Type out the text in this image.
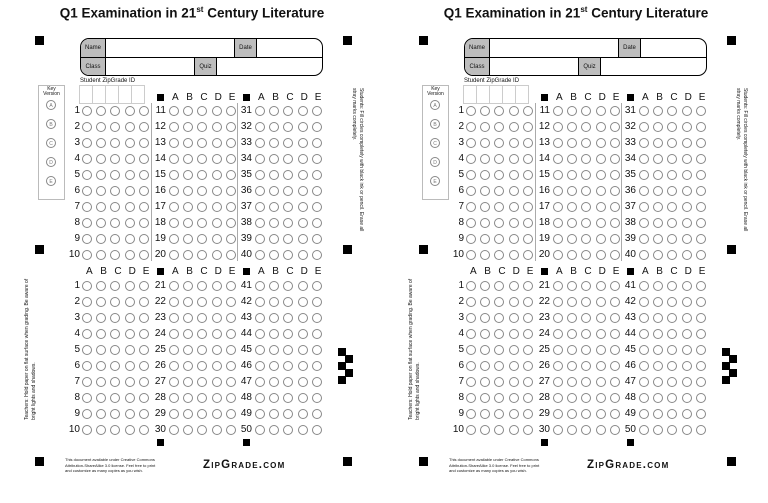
Q1 Examination in 21st Century Literature
Name	Date
Class	Quiz
Student ZipGrade ID
Key
Version
A
B
C
D
E
1
2
3
4
5
6
7
8
9
10
A B C D E
11
12
13
14
15
16
17
18
19
20
A B C D E
31
32
33
34
35
36
37
38
39
40
A B C D E
1
2
3
4
5
6
7
8
9
10
A B C D E
21
22
23
24
25
26
27
28
29
30
A B C D E
41
42
43
44
45
46
47
48
49
50
Students: Fill circles completely with black ink or pencil. Erase all stray marks completely.
Teachers: Hold paper on flat surface when grading. Be aware of bright lights and shadows.
This document available under Creative Commons Attribution-ShareAlike 3.0 license. Feel free to print and customize as many copies as you wish.	ZipGrade.com
Q1 Examination in 21st Century Literature
Name	Date
Class	Quiz
Student ZipGrade ID
Key
Version
A
B
C
D
E
1
2
3
4
5
6
7
8
9
10
A B C D E
11
12
13
14
15
16
17
18
19
20
A B C D E
31
32
33
34
35
36
37
38
39
40
A B C D E
1
2
3
4
5
6
7
8
9
10
A B C D E
21
22
23
24
25
26
27
28
29
30
A B C D E
41
42
43
44
45
46
47
48
49
50
Students: Fill circles completely with black ink or pencil. Erase all stray marks completely.
Teachers: Hold paper on flat surface when grading. Be aware of bright lights and shadows.
This document available under Creative Commons Attribution-ShareAlike 3.0 license. Feel free to print and customize as many copies as you wish.	ZipGrade.com
